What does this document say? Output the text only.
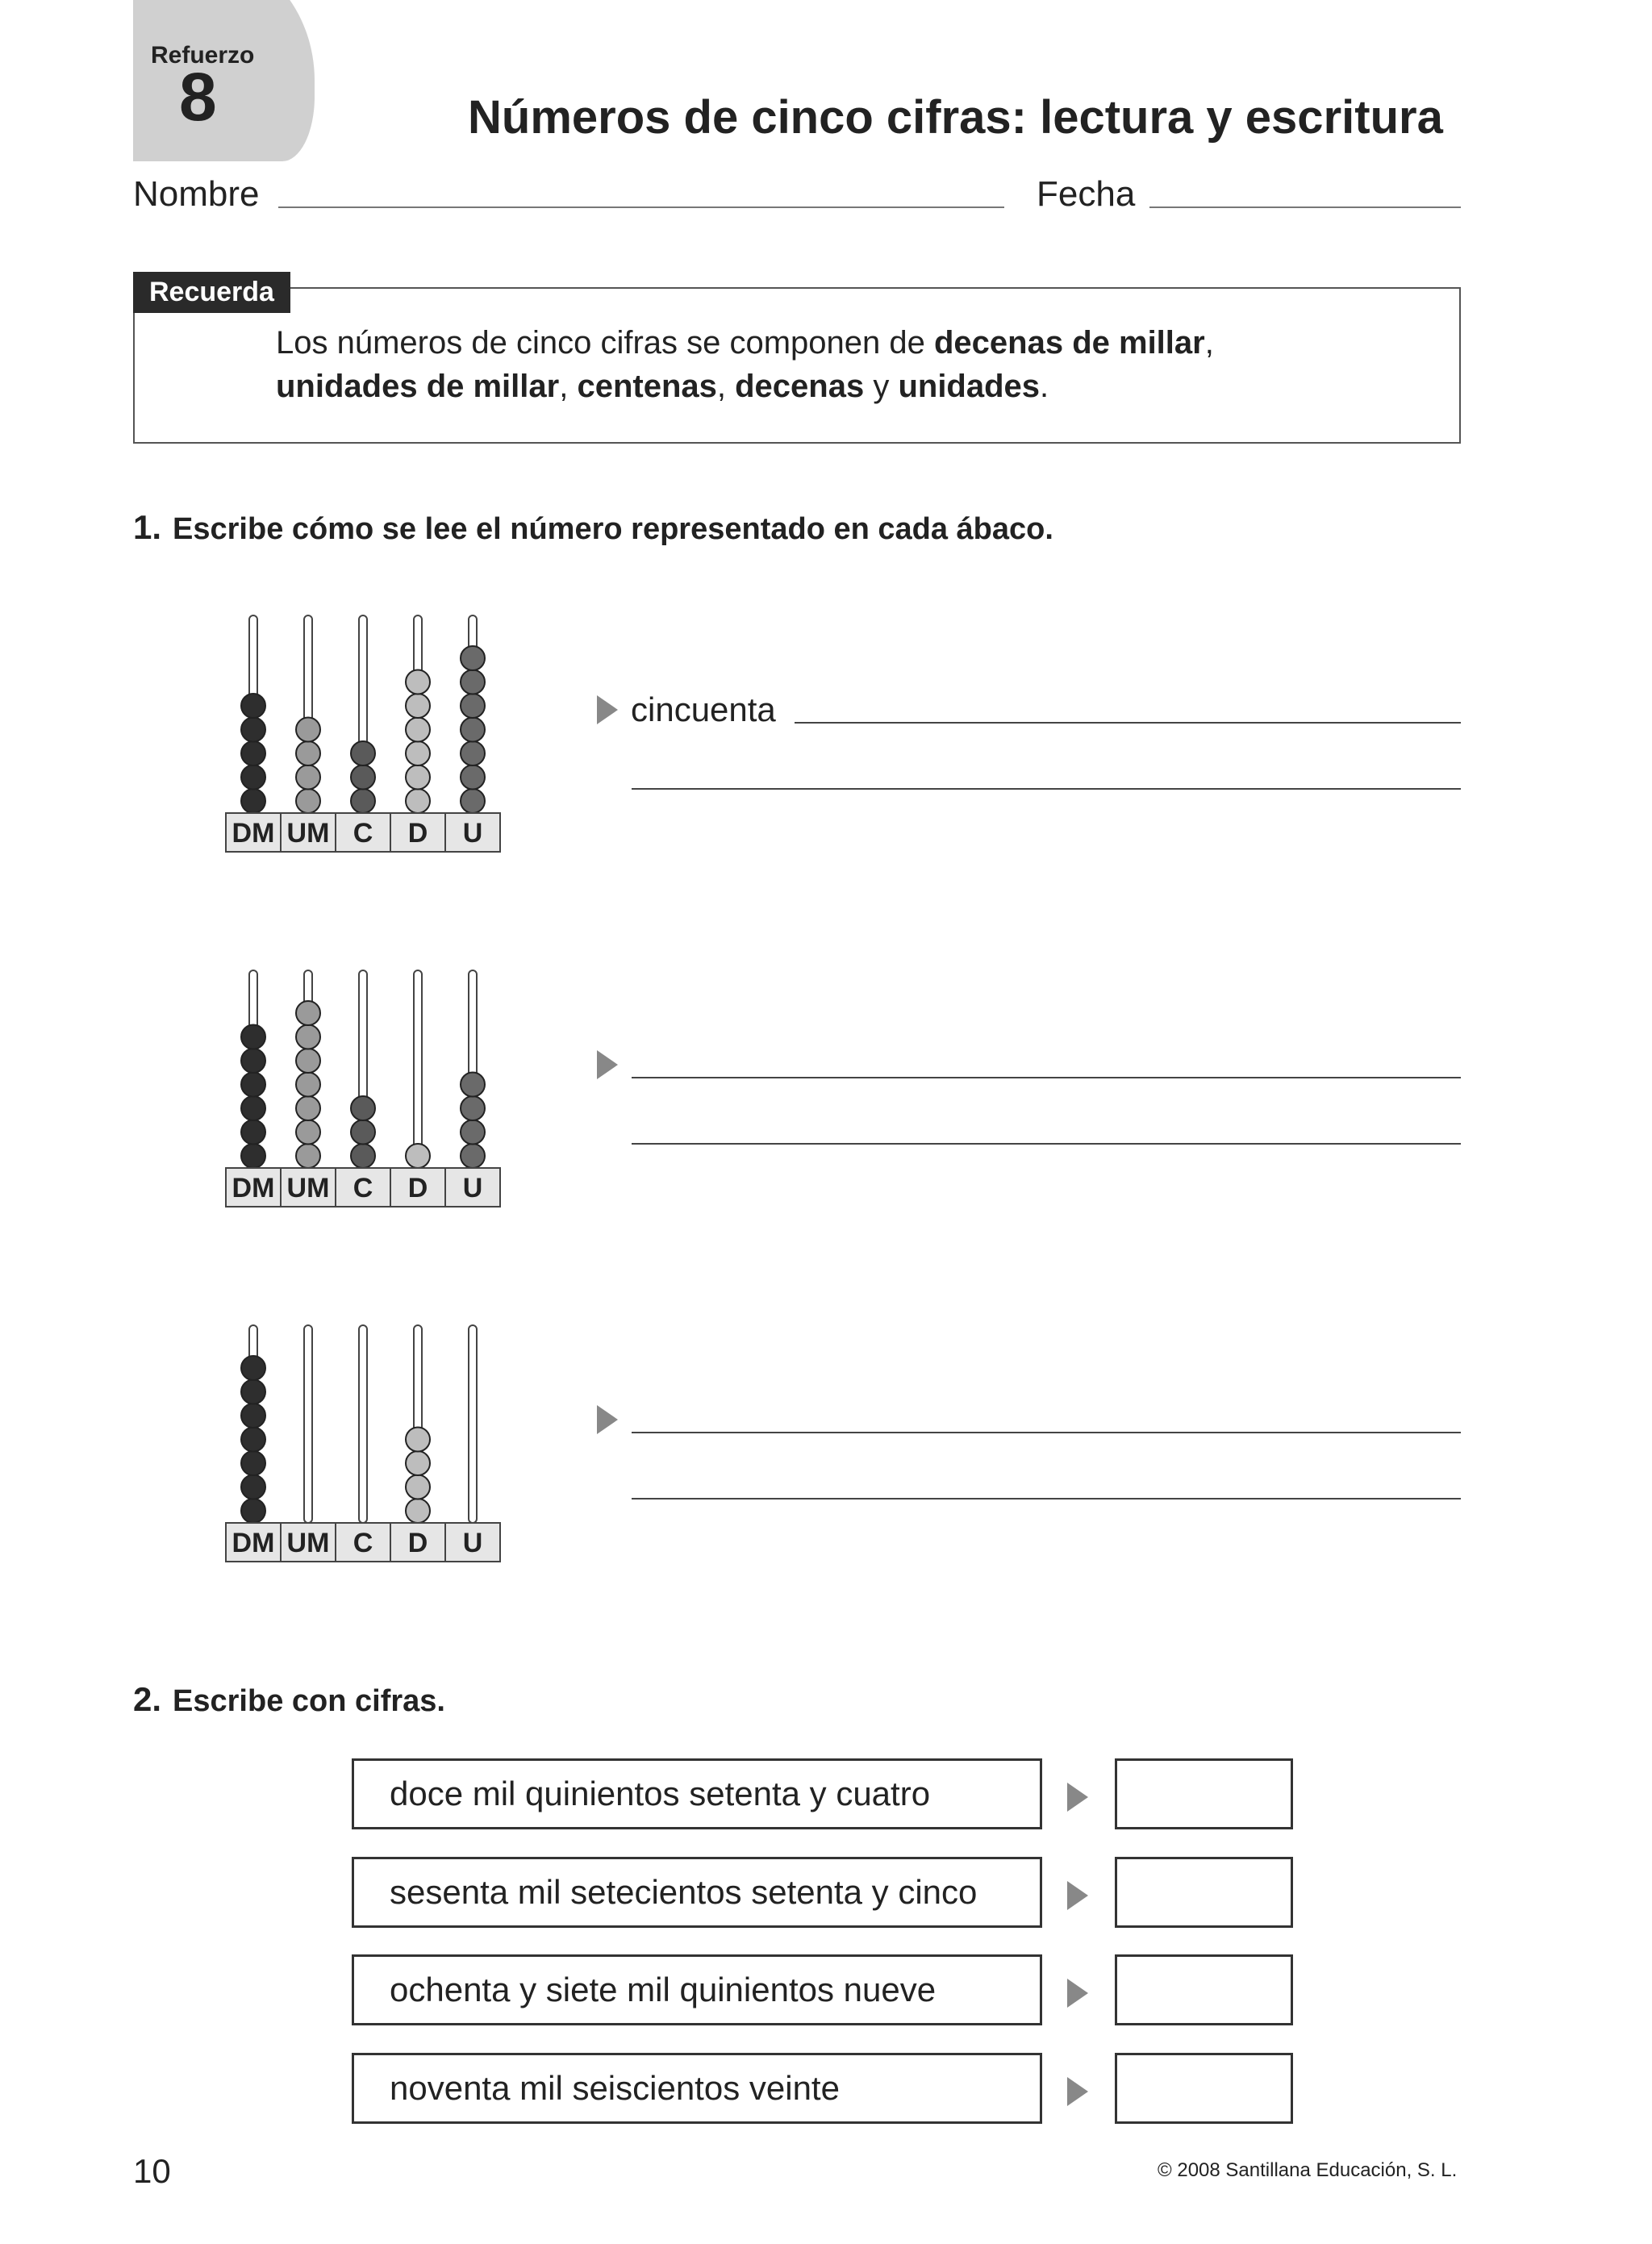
Refuerzo
8	Números de cinco cifras: lectura y escritura
Nombre	Fecha
Recuerda
Los números de cinco cifras se componen de decenas de millar,
unidades de millar, centenas, decenas y unidades.
1. Escribe cómo se lee el número representado en cada ábaco.
DM UM C D U
DM UM C D U
DM UM C D U
cincuenta
2. Escribe con cifras.
doce mil quinientos setenta y cuatro
sesenta mil setecientos setenta y cinco
ochenta y siete mil quinientos nueve
noventa mil seiscientos veinte
10	© 2008 Santillana Educación, S. L.
